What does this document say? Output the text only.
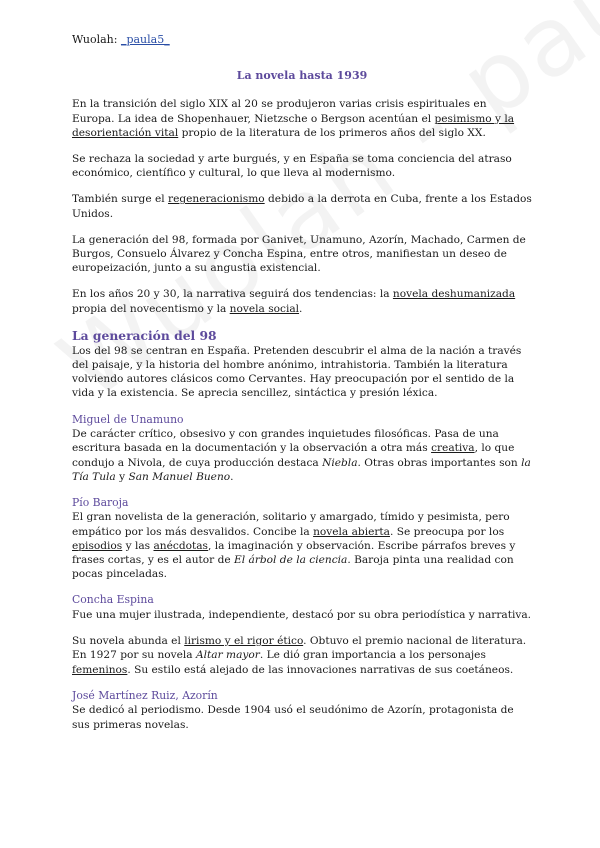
Wuolah: _paula5_
La novela hasta 1939

En la transición del siglo XIX al 20 se produjeron varias crisis espirituales en Europa. La idea de Shopenhauer, Nietzsche o Bergson acentúan el pesimismo y la desorientación vital propio de la literatura de los primeros años del siglo XX.

Se rechaza la sociedad y arte burgués, y en España se toma conciencia del atraso económico, científico y cultural, lo que lleva al modernismo.

También surge el regeneracionismo debido a la derrota en Cuba, frente a los Estados Unidos.

La generación del 98, formada por Ganivet, Unamuno, Azorín, Machado, Carmen de Burgos, Consuelo Álvarez y Concha Espina, entre otros, manifiestan un deseo de europeización, junto a su angustia existencial.

En los años 20 y 30, la narrativa seguirá dos tendencias: la novela deshumanizada propia del novecentismo y la novela social.

La generación del 98

Los del 98 se centran en España. Pretenden descubrir el alma de la nación a través del paisaje, y la historia del hombre anónimo, intrahistoria. También la literatura volviendo autores clásicos como Cervantes. Hay preocupación por el sentido de la vida y la existencia. Se aprecia sencillez, sintáctica y presión léxica.

Miguel de Unamuno

De carácter crítico, obsesivo y con grandes inquietudes filosóficas. Pasa de una escritura basada en la documentación y la observación a otra más creativa, lo que condujo a Nivola, de cuya producción destaca Niebla. Otras obras importantes son la Tía Tula y San Manuel Bueno.

Pío Baroja

El gran novelista de la generación, solitario y amargado, tímido y pesimista, pero empático por los más desvalidos. Concibe la novela abierta. Se preocupa por los episodios y las anécdotas, la imaginación y observación. Escribe párrafos breves y frases cortas, y es el autor de El árbol de la ciencia. Baroja pinta una realidad con pocas pinceladas.

Concha Espina

Fue una mujer ilustrada, independiente, destacó por su obra periodística y narrativa.

Su novela abunda el lirismo y el rigor ético. Obtuvo el premio nacional de literatura. En 1927 por su novela Altar mayor. Le dió gran importancia a los personajes femeninos. Su estilo está alejado de las innovaciones narrativas de sus coetáneos.

José Martínez Ruiz, Azorín

Se dedicó al periodismo. Desde 1904 usó el seudónimo de Azorín, protagonista de sus primeras novelas.
